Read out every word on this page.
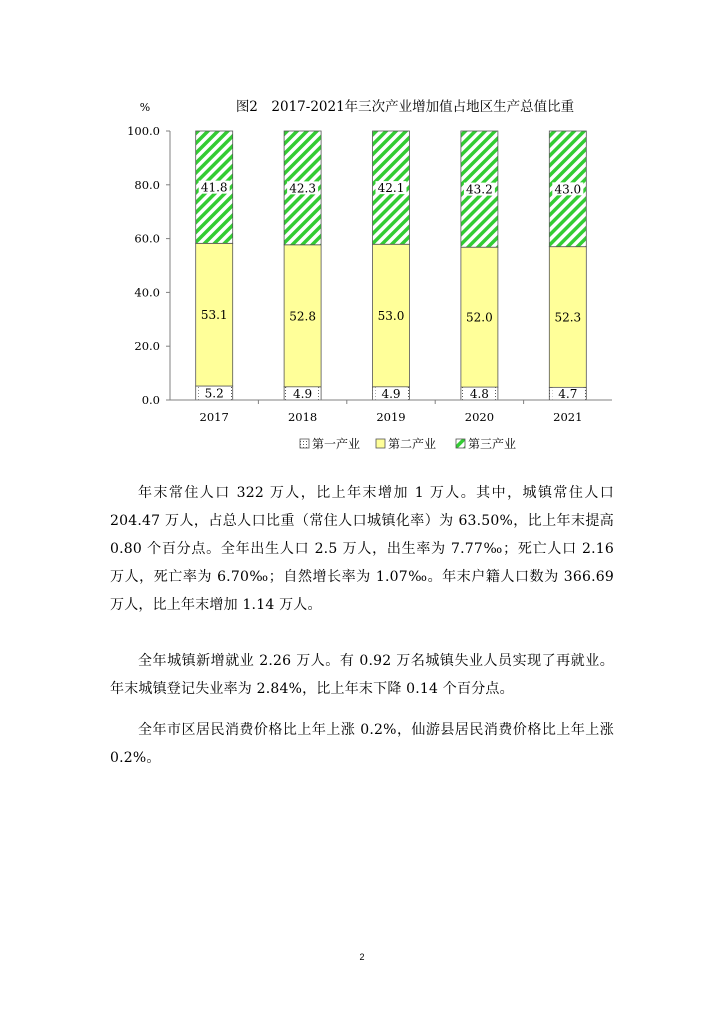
图2　2017-2021年三次产业增加值占地区生产总值比重
%
0.0
20.0
40.0
60.0
80.0
100.0
5.2
53.1
41.8
4.9
52.8
42.3
4.9
53.0
42.1
4.8
52.0
43.2
4.7
52.3
43.0
2017	2018	2019	2020	2021
第一产业 第二产业	第三产业

年末常住人口 322 万人，比上年末增加 1 万人。其中，城镇常住人口 204.47 万人，占总人口比重（常住人口城镇化率）为 63.50%，比上年末提高 0.80 个百分点。全年出生人口 2.5 万人，出生率为 7.77‰；死亡人口 2.16 万人，死亡率为 6.70‰；自然增长率为 1.07‰。年末户籍人口数为 366.69 万人，比上年末增加 1.14 万人。

全年城镇新增就业 2.26 万人。有 0.92 万名城镇失业人员实现了再就业。年末城镇登记失业率为 2.84%，比上年末下降 0.14 个百分点。

全年市区居民消费价格比上年上涨 0.2%，仙游县居民消费价格比上年上涨 0.2%。

2
